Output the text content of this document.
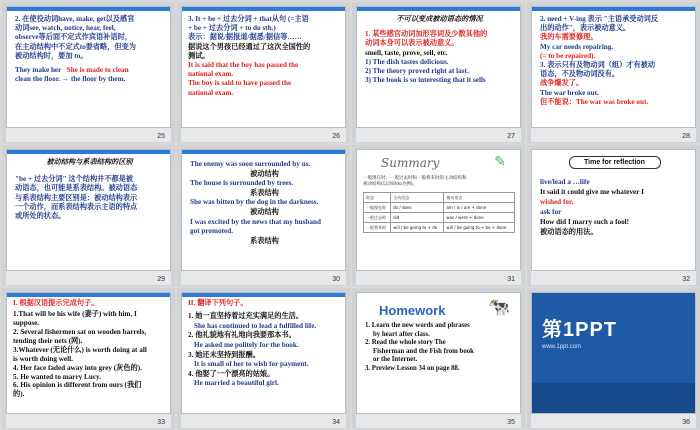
2. 在使役动词have, make, get以及感官

动词see, watch, notice, hear, feel,

observe等后面不定式作宾语补语时，

在主动结构中不定式to要省略，但变为

被动结构时，要加 to。

They make her She is made to clean

clean the floor. → the floor by them.

25

3. It + be + 过去分词 + that从句 (=主语

+ be + 过去分词 + to do sth.)

表示：据说/据报道/据悉/据信等……

据说这个男孩已经通过了这次全国性的

测试。

It is said that the boy has passed the

national exam.

The boy is said to have passed the

national exam.

26

不可以变成被动语态的情况

1. 某些感官动词加形容词及少数其他的

动词本身可以表示被动意义。

smell, taste, prove, sell, etc.

1) The dish tastes delicious.

2) The theory proved right at last.

3) The book is so interesting that it sells

27

2. need + V-ing 表示 "主语承受动词反

出的动作"，表示被动意义。

我的车需要修理。

My car needs repairing.

(= to be repaired).

3. 表示只有及物动词（组）才有被动

语态，不及物动词没有。

战争爆发了。

The war broke out.

但不能说：The war was broke out.

28

被动结构与系表结构的区别

"be + 过去分词" 这个结构并不都是被

动语态，也可能是系表结构。被动语态

与系表结构主要区别是：被动结构表示

一个动作，而系表结构表示主语的特点

或所处的状态。

29

The enemy was soon surrounded by us.

被动结构

The house is surrounded by trees.

系表结构

She was bitten by the dog in the darkness.

被动结构

I was excited by the news that my husband

got promoted.

系表结构

30

Summary	✎

一般现在时、一般过去时和一般将来时的主动结构和

被动结构(以动词do为例)。

时态	主动语态	被动语态
一般现在时	do / does	am / is / are + done
一般过去时	did	was / were + done
一般将来时	will / be going to + do	will / be going to + be + done
31
Time for reflection

live/lead a …life

It said it could give me whatever I

wished for.

ask for

How did I marry such a fool!

被动语态的用法。

32

I. 根据汉语提示完成句子。

1.That will be his wife (妻子) with him, I

suppose.

2. Several fishermen sat on wooden barrels,

tending their nets (网).

3.Whatever (无论什么) is worth doing at all

is worth doing well.

4. Her face faded away into grey (灰色的).

5. He wanted to marry Lucy.

6. His opinion is different from ours (我们

的).

33

II. 翻译下列句子。

1. 她一直坚持着过充实满足的生活。

She has continued to lead a fulfilled life.

2. 他礼貌地有礼地向我要那本书。

He asked me politely for the book.

3. 她还未坚持到报酬。

It is small of her to wish for payment.

4. 他娶了一个漂亮的姑娘。

He married a beautiful girl.

34

Homework	🐄

1. Learn the new words and phrases

by heart after class.

2. Read the whole story The

Fisherman and the Fish from book

or the Internet.

3. Preview Lesson 34 on page 88.

35

第1PPT

www.1ppt.com

36
